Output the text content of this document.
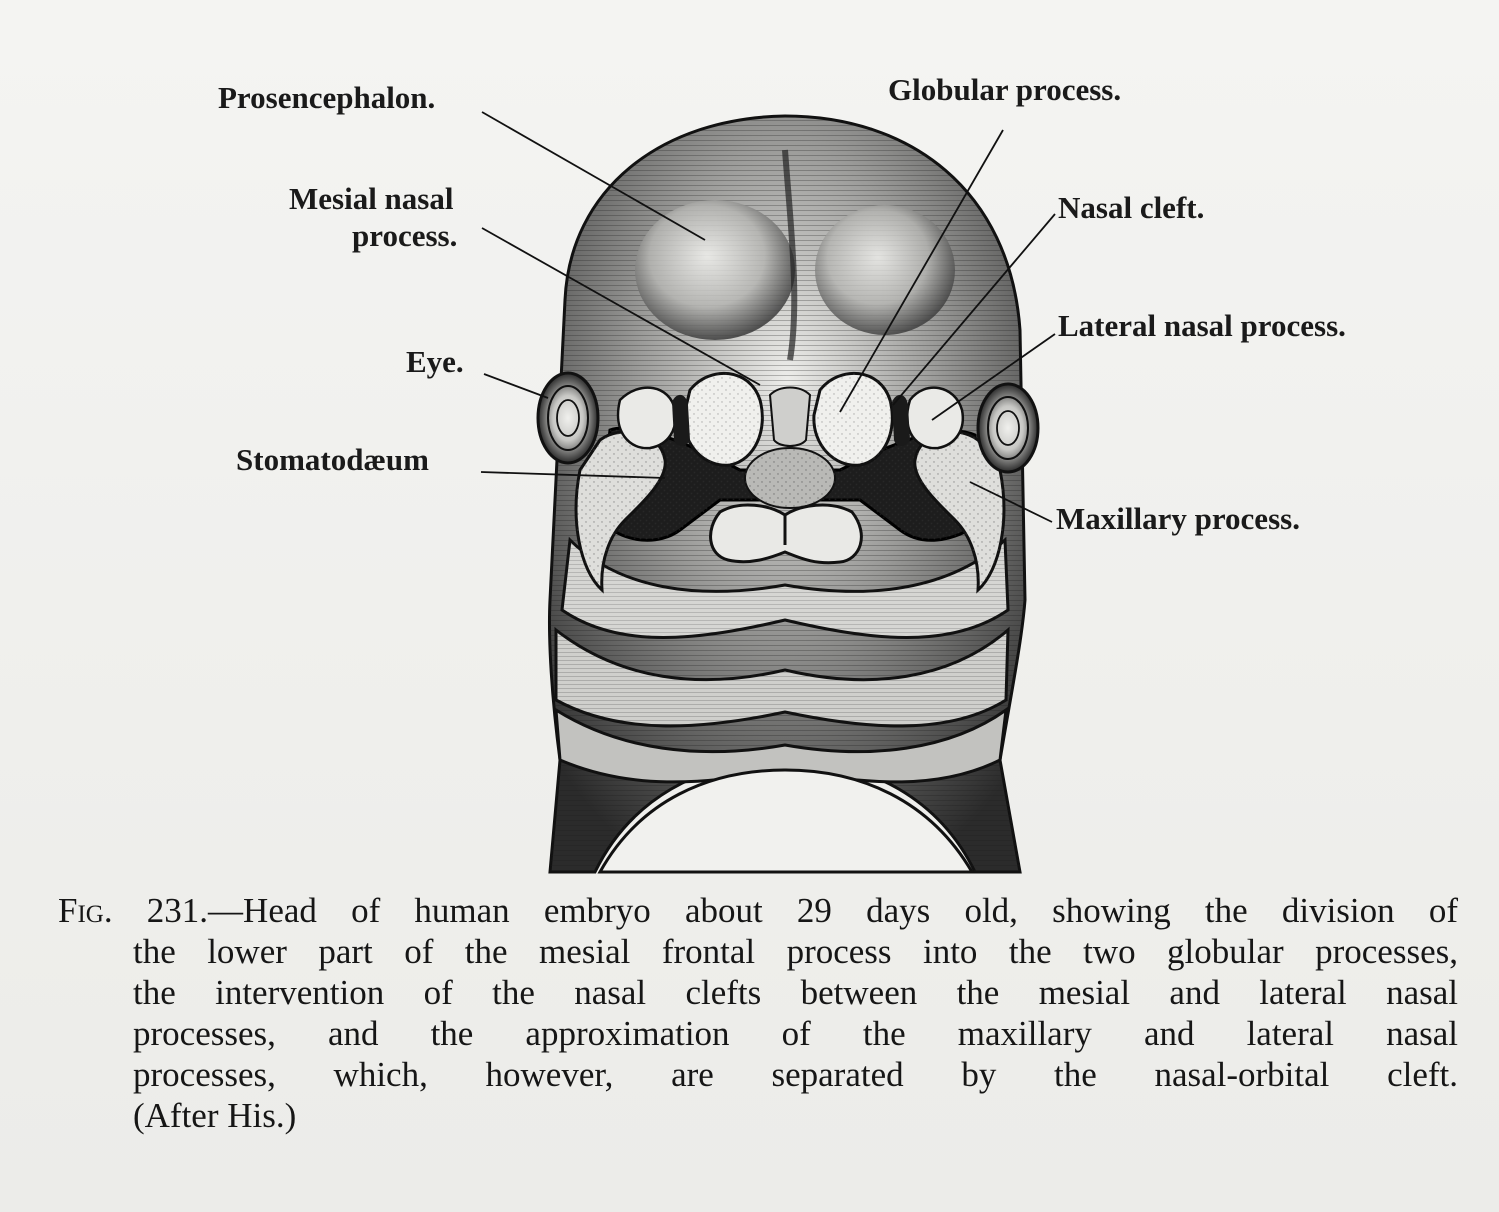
Prosencephalon.
Mesial nasal
process.
Eye.
Stomatodæum
Globular process.
Nasal cleft.
Lateral nasal process.
Maxillary process.
Fig. 231.—Head of human embryo about 29 days old, showing the division of
the lower part of the mesial frontal process into the two globular processes,
the intervention of the nasal clefts between the mesial and lateral nasal
processes, and the approximation of the maxillary and lateral nasal
processes, which, however, are separated by the nasal-orbital cleft.
(After His.)
